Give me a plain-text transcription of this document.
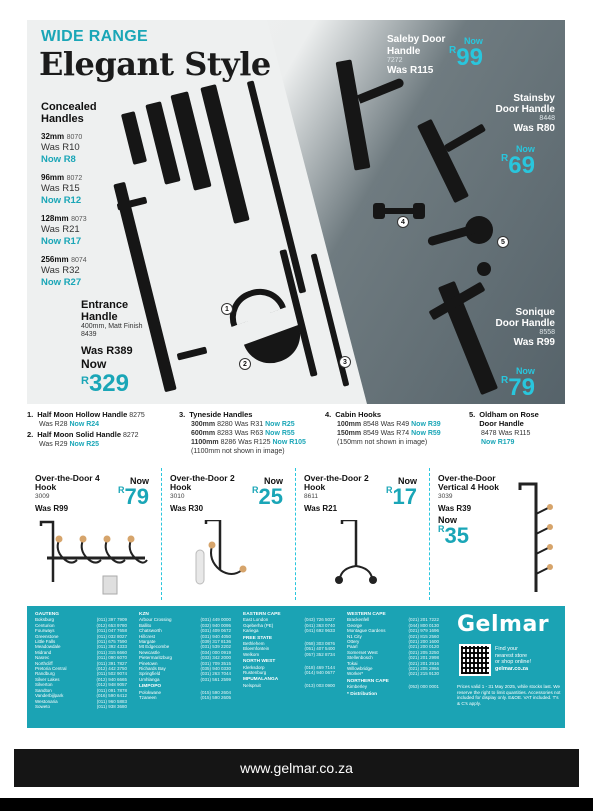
WIDE RANGE
Elegant Style
1
2	3
4
5
Concealed Handles
32mm 8070
Was R10
Now R8
96mm 8072
Was R15
Now R12
128mm 8073
Was R21
Now R17
256mm 8074
Was R32
Now R27
Entrance Handle
400mm, Matt Finish
8439
Was R389
Now
R329
Saleby Door Handle
7272
Was R115
Now
$^R$99
Stainsby Door Handle
8448
Was R80
Now
$^R$69
Sonique Door Handle
8558
Was R99
Now
$^R$79
1. Half Moon Hollow Handle 8275
Was R28 Now R24
2. Half Moon Solid Handle 8272
Was R29 Now R25
3. Tyneside Handles
300mm 8280 Was R31 Now R25
600mm 8283 Was R63 Now R55
1100mm 8286 Was R125 Now R105
(1100mm not shown in image)
4. Cabin Hooks
100mm 8548 Was R49 Now R39
150mm 8549 Was R74 Now R59
(150mm not shown in image)
5. Oldham on Rose Door Handle
8478 Was R115
Now R179
Over-the-Door 4 Hook
3009
Was R99
Now
$^R$79
Over-the-Door 2 Hook
3010
Was R30
Now
$^R$25
Over-the-Door 2 Hook
8611
Was R21
Now
$^R$17
Over-the-Door Vertical 4 Hook
3039
Was R39
Now
$^R$35
GAUTENG
Boksburg	(011) 397 7909
Centurion	(012) 653 9780
Fourways	(011) 047 7658
Greenstone	(011) 032 8027
Little Falls	(011) 675 7590
Meadowdale	(011) 392 4333
Midrand	(011) 315 6660
Nasrec	(011) 090 6070
Northcliff	(011) 391 7827
Pretoria Central	(012) 442 3750
Randburg	(011) 502 9074
Silver Lakes	(012) 940 6665
Silverton	(012) 948 9057
Sandton	(011) 091 7878
Vanderbijlpark	(016) 590 6412
Westonaria	(011) 960 5883
Soweto	(011) 938 3680
KZN
Arbour Crossing	(031) 449 0000
Ballito	(032) 940 0095
Chatsworth	(031) 409 0672
Hillcrest	(031) 940 4050
Margate	(039) 317 8136
Mt Edgecombe	(031) 539 2202
Newcastle	(034) 000 0919
Pietermaritzburg	(033) 342 2000
Pinetown	(031) 709 3515
Richards Bay	(035) 940 0330
Springfield	(031) 263 7044
Umhlanga	(031) 561 2599
LIMPOPO
Polokwane	(015) 590 2604
Tzaneen	(015) 590 2605
EASTERN CAPE
East London	(043) 726 5027
Gqeberha (PE)	(041) 363 0740
Kariega	(041) 692 9633
FREE STATE
Bethlehem	(058) 303 0876
Bloemfontein	(051) 407 5400
Welkom	(057) 352 8734
NORTH WEST
Klerksdorp	(018) 469 7144
Rustenburg	(014) 940 0677
MPUMALANGA
Nelspruit	(013) 003 0900
WESTERN CAPE
Brackenfell	(021) 201 7222
George	(044) 800 0130
Montague Gardens	(021) 979 1696
N1 City	(021) 815 2560
Ottery	(021) 200 1600
Paarl	(021) 200 0120
Somerset West	(021) 205 3250
Stellenbosch	(021) 201 2998
Tokai	(021) 201 2916
Willowbridge	(021) 205 2966
Worker*	(021) 215 9130
NORTHERN CAPE
Kimberley	(053) 000 0001
* Distribution
Gelmar
Find your
nearest store
or shop online!
gelmar.co.za
Prices valid 1 - 31 May 2025, while stocks last. We reserve the right to limit quantities. Accessories not included for display only. E&OE. VAT included. T's & C's apply.
www.gelmar.co.za
